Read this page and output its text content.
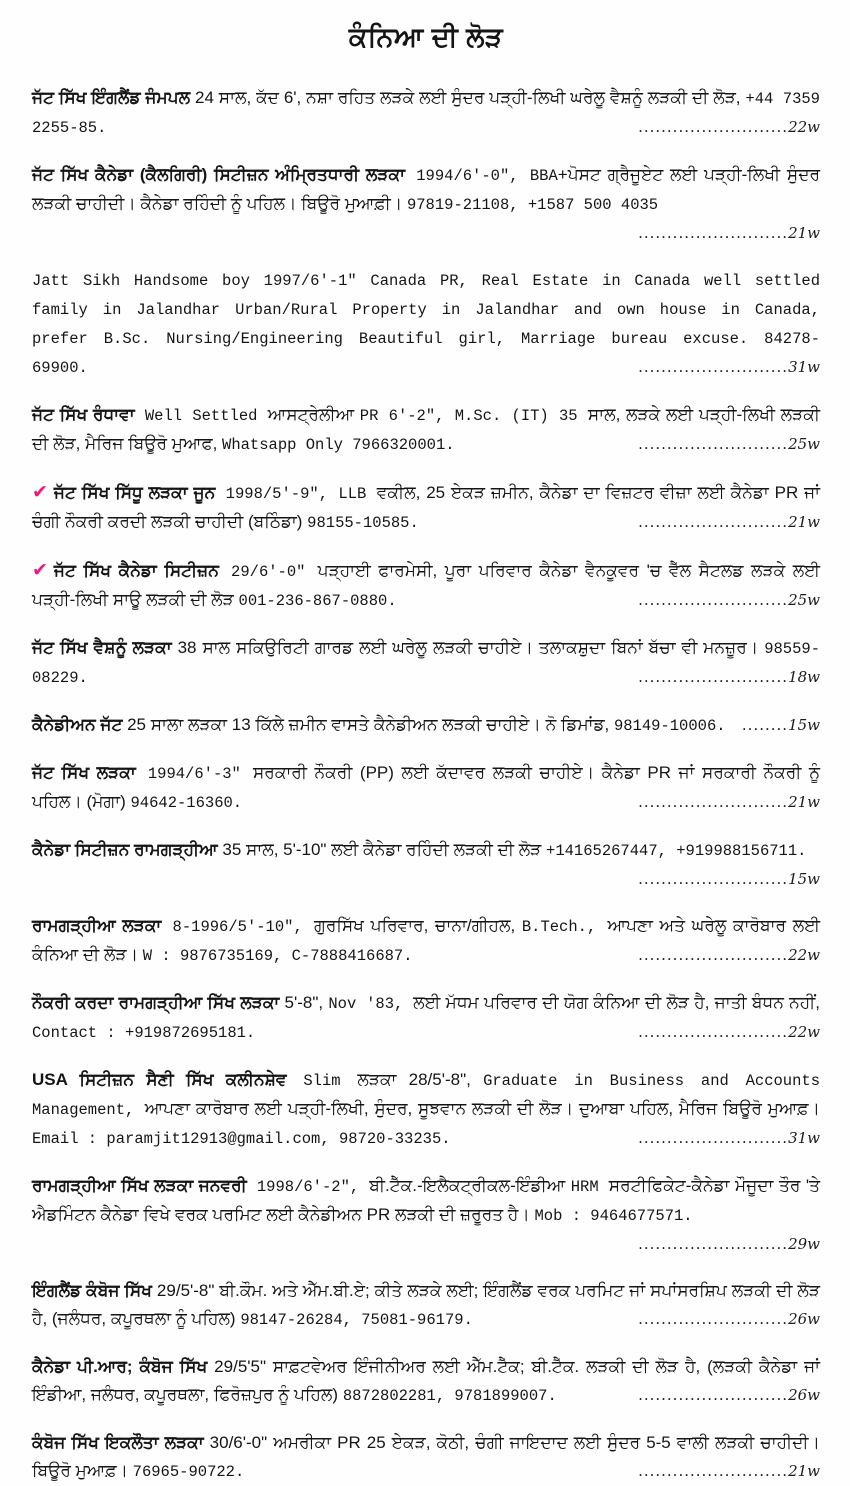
ਕੰਨਿਆ ਦੀ ਲੋੜ

ਜੱਟ ਸਿੱਖ ਇੰਗਲੈਂਡ ਜੰਮਪਲ 24 ਸਾਲ, ਕੱਦ 6', ਨਸ਼ਾ ਰਹਿਤ ਲੜਕੇ ਲਈ ਸੁੰਦਰ ਪੜ੍ਹੀ-ਲਿਖੀ ਘਰੇਲੂ ਵੈਸ਼ਨੂੰ ਲੜਕੀ ਦੀ ਲੋੜ, +44 7359 2255-85.	..........................22w

ਜੱਟ ਸਿੱਖ ਕੈਨੇਡਾ (ਕੈਲਗਿਰੀ) ਸਿਟੀਜ਼ਨ ਅੰਮ੍ਰਿਤਧਾਰੀ ਲੜਕਾ 1994/6'-0", BBA+ਪੋਸਟ ਗ੍ਰੈਜੂਏਟ ਲਈ ਪੜ੍ਹੀ-ਲਿਖੀ ਸੁੰਦਰ ਲੜਕੀ ਚਾਹੀਦੀ। ਕੈਨੇਡਾ ਰਹਿੰਦੀ ਨੂੰ ਪਹਿਲ। ਬਿਊਰੋ ਮੁਆਫ਼ੀ। 97819-21108, +1587 500 4035
..........................21w

Jatt Sikh Handsome boy 1997/6'-1" Canada PR, Real Estate in Canada well settled family in Jalandhar Urban/Rural Property in Jalandhar and own house in Canada, prefer B.Sc. Nursing/Engineering Beautiful girl, Marriage bureau excuse. 84278-69900.	..........................31w

ਜੱਟ ਸਿੱਖ ਰੰਧਾਵਾ Well Settled ਆਸਟ੍ਰੇਲੀਆ PR 6'-2", M.Sc. (IT) 35 ਸਾਲ, ਲੜਕੇ ਲਈ ਪੜ੍ਹੀ-ਲਿਖੀ ਲੜਕੀ ਦੀ ਲੋੜ, ਮੈਰਿਜ ਬਿਊਰੋ ਮੁਆਫ, Whatsapp Only 7966320001.	..........................25w

✔ ਜੱਟ ਸਿੱਖ ਸਿੱਧੂ ਲੜਕਾ ਜੂਨ 1998/5'-9", LLB ਵਕੀਲ, 25 ਏਕੜ ਜ਼ਮੀਨ, ਕੈਨੇਡਾ ਦਾ ਵਿਜ਼ਟਰ ਵੀਜ਼ਾ ਲਈ ਕੈਨੇਡਾ PR ਜਾਂ ਚੰਗੀ ਨੌਕਰੀ ਕਰਦੀ ਲੜਕੀ ਚਾਹੀਦੀ (ਬਠਿੰਡਾ) 98155-10585.	..........................21w

✔ ਜੱਟ ਸਿੱਖ ਕੈਨੇਡਾ ਸਿਟੀਜ਼ਨ 29/6'-0" ਪੜ੍ਹਾਈ ਫਾਰਮੇਸੀ, ਪੂਰਾ ਪਰਿਵਾਰ ਕੈਨੇਡਾ ਵੈਨਕੂਵਰ 'ਚ ਵੈੱਲ ਸੈਟਲਡ ਲੜਕੇ ਲਈ ਪੜ੍ਹੀ-ਲਿਖੀ ਸਾਊ ਲੜਕੀ ਦੀ ਲੋੜ 001-236-867-0880.	..........................25w

ਜੱਟ ਸਿੱਖ ਵੈਸ਼ਨੂੰ ਲੜਕਾ 38 ਸਾਲ ਸਕਿਉਰਿਟੀ ਗਾਰਡ ਲਈ ਘਰੇਲੂ ਲੜਕੀ ਚਾਹੀਏ। ਤਲਾਕਸ਼ੁਦਾ ਬਿਨਾਂ ਬੱਚਾ ਵੀ ਮਨਜ਼ੂਰ। 98559-08229.	..........................18w

ਕੈਨੇਡੀਅਨ ਜੱਟ 25 ਸਾਲਾ ਲੜਕਾ 13 ਕਿੱਲੇ ਜ਼ਮੀਨ ਵਾਸਤੇ ਕੈਨੇਡੀਅਨ ਲੜਕੀ ਚਾਹੀਏ। ਨੋ ਡਿਮਾਂਡ, 98149-10006. ........15w

ਜੱਟ ਸਿੱਖ ਲੜਕਾ 1994/6'-3" ਸਰਕਾਰੀ ਨੌਕਰੀ (PP) ਲਈ ਕੱਦਾਵਰ ਲੜਕੀ ਚਾਹੀਏ। ਕੈਨੇਡਾ PR ਜਾਂ ਸਰਕਾਰੀ ਨੌਕਰੀ ਨੂੰ ਪਹਿਲ। (ਮੋਗਾ) 94642-16360.	..........................21w

ਕੈਨੇਡਾ ਸਿਟੀਜ਼ਨ ਰਾਮਗੜ੍ਹੀਆ 35 ਸਾਲ, 5'-10" ਲਈ ਕੈਨੇਡਾ ਰਹਿੰਦੀ ਲੜਕੀ ਦੀ ਲੋੜ +14165267447, +919988156711.
..........................15w

ਰਾਮਗੜ੍ਹੀਆ ਲੜਕਾ 8-1996/5'-10", ਗੁਰਸਿੱਖ ਪਰਿਵਾਰ, ਚਾਨਾ/ਗੀਹਲ, B.Tech., ਆਪਣਾ ਅਤੇ ਘਰੇਲੂ ਕਾਰੋਬਾਰ ਲਈ ਕੰਨਿਆ ਦੀ ਲੋੜ। W : 9876735169, C-7888416687.	..........................22w

ਨੌਕਰੀ ਕਰਦਾ ਰਾਮਗੜ੍ਹੀਆ ਸਿੱਖ ਲੜਕਾ 5'-8", Nov '83, ਲਈ ਮੱਧਮ ਪਰਿਵਾਰ ਦੀ ਯੋਗ ਕੰਨਿਆ ਦੀ ਲੋੜ ਹੈ, ਜਾਤੀ ਬੰਧਨ ਨਹੀਂ, Contact : +919872695181.	..........................22w

USA ਸਿਟੀਜ਼ਨ ਸੈਣੀ ਸਿੱਖ ਕਲੀਨਸ਼ੇਵ Slim ਲੜਕਾ 28/5'-8", Graduate in Business and Accounts Management, ਆਪਣਾ ਕਾਰੋਬਾਰ ਲਈ ਪੜ੍ਹੀ-ਲਿਖੀ, ਸੁੰਦਰ, ਸੂਝਵਾਨ ਲੜਕੀ ਦੀ ਲੋੜ। ਦੁਆਬਾ ਪਹਿਲ, ਮੈਰਿਜ ਬਿਊਰੋ ਮੁਆਫ਼। Email : paramjit12913@gmail.com, 98720-33235.	..........................31w

ਰਾਮਗੜ੍ਹੀਆ ਸਿੱਖ ਲੜਕਾ ਜਨਵਰੀ 1998/6'-2", ਬੀ.ਟੈੱਕ.-ਇਲੈਕਟ੍ਰੀਕਲ-ਇੰਡੀਆ HRM ਸਰਟੀਫਿਕੇਟ-ਕੈਨੇਡਾ ਮੌਜੂਦਾ ਤੌਰ 'ਤੇ ਐਡਮਿੰਟਨ ਕੈਨੇਡਾ ਵਿਖੇ ਵਰਕ ਪਰਮਿਟ ਲਈ ਕੈਨੇਡੀਅਨ PR ਲੜਕੀ ਦੀ ਜ਼ਰੂਰਤ ਹੈ। Mob : 9464677571.
..........................29w

ਇੰਗਲੈਂਡ ਕੰਬੋਜ ਸਿੱਖ 29/5'-8" ਬੀ.ਕੌਮ. ਅਤੇ ਐੱਮ.ਬੀ.ਏ; ਕੀਤੇ ਲੜਕੇ ਲਈ; ਇੰਗਲੈਂਡ ਵਰਕ ਪਰਮਿਟ ਜਾਂ ਸਪਾਂਸਰਸ਼ਿਪ ਲੜਕੀ ਦੀ ਲੋੜ ਹੈ, (ਜਲੰਧਰ, ਕਪੂਰਥਲਾ ਨੂੰ ਪਹਿਲ) 98147-26284, 75081-96179.	..........................26w

ਕੈਨੇਡਾ ਪੀ.ਆਰ; ਕੰਬੋਜ ਸਿੱਖ 29/5'5" ਸਾਫ਼ਟਵੇਅਰ ਇੰਜੀਨੀਅਰ ਲਈ ਐੱਮ.ਟੈੱਕ; ਬੀ.ਟੈੱਕ. ਲੜਕੀ ਦੀ ਲੋੜ ਹੈ, (ਲੜਕੀ ਕੈਨੇਡਾ ਜਾਂ ਇੰਡੀਆ, ਜਲੰਧਰ, ਕਪੂਰਥਲਾ, ਫਿਰੋਜ਼ਪੁਰ ਨੂੰ ਪਹਿਲ) 8872802281, 9781899007.	..........................26w

ਕੰਬੋਜ ਸਿੱਖ ਇਕਲੌਤਾ ਲੜਕਾ 30/6'-0" ਅਮਰੀਕਾ PR 25 ਏਕੜ, ਕੋਠੀ, ਚੰਗੀ ਜਾਇਦਾਦ ਲਈ ਸੁੰਦਰ 5-5 ਵਾਲੀ ਲੜਕੀ ਚਾਹੀਦੀ। ਬਿਊਰੋ ਮੁਆਫ਼। 76965-90722.	..........................21w
